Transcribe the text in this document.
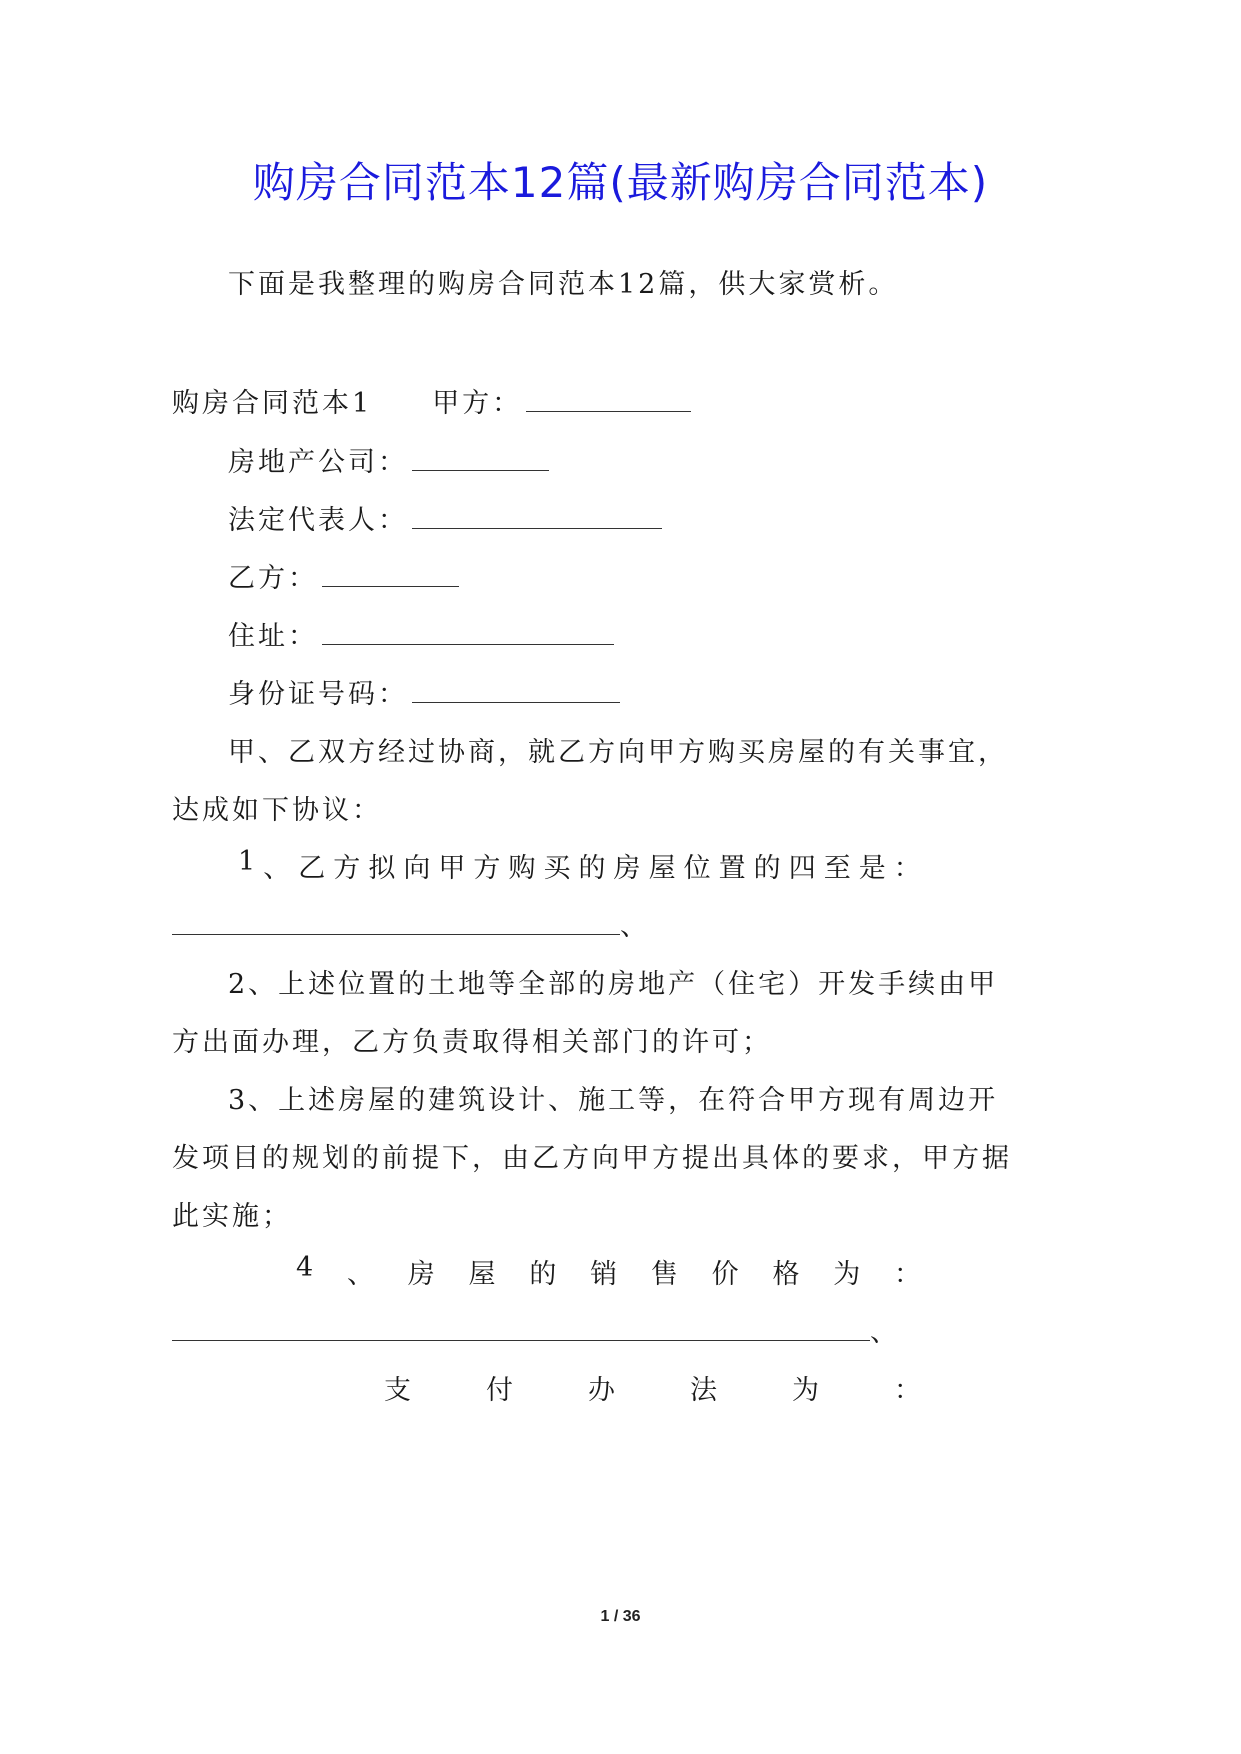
购房合同范本12篇(最新购房合同范本)
下面是我整理的购房合同范本12篇，供大家赏析。
购房合同范本1 甲方：
房地产公司：
法定代表人：
乙方：
住址：
身份证号码：
甲、乙双方经过协商，就乙方向甲方购买房屋的有关事宜，
达成如下协议：
1 、 乙 方 拟 向 甲 方 购 买 的 房 屋 位 置 的 四 至 是 ：
、
2、上述位置的土地等全部的房地产（住宅）开发手续由甲
方出面办理，乙方负责取得相关部门的许可；
3、上述房屋的建筑设计、施工等，在符合甲方现有周边开
发项目的规划的前提下，由乙方向甲方提出具体的要求，甲方据
此实施；
4 、 房 屋 的 销 售 价 格 为 ：
、
支	付	办	法	为	：
1 / 36
